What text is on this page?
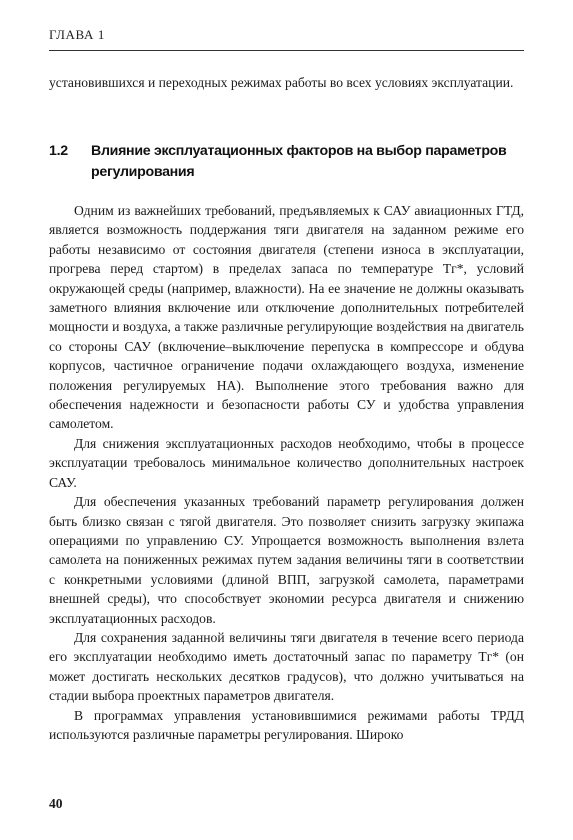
ГЛАВА 1

установившихся и переходных режимах работы во всех условиях эксплуатации.

1.2 Влияние эксплуатационных факторов на выбор параметров регулирования

Одним из важнейших требований, предъявляемых к САУ авиационных ГТД, является возможность поддержания тяги двигателя на заданном режиме его работы независимо от состояния двигателя (степени износа в эксплуатации, прогрева перед стартом) в пределах запаса по температуре Tг*, условий окружающей среды (например, влажности). На ее значение не должны оказывать заметного влияния включение или отключение дополнительных потребителей мощности и воздуха, а также различные регулирующие воздействия на двигатель со стороны САУ (включение–выключение перепуска в компрессоре и обдува корпусов, частичное ограничение подачи охлаждающего воздуха, изменение положения регулируемых НА). Выполнение этого требования важно для обеспечения надежности и безопасности работы СУ и удобства управления самолетом.

Для снижения эксплуатационных расходов необходимо, чтобы в процессе эксплуатации требовалось минимальное количество дополнительных настроек САУ.

Для обеспечения указанных требований параметр регулирования должен быть близко связан с тягой двигателя. Это позволяет снизить загрузку экипажа операциями по управлению СУ. Упрощается возможность выполнения взлета самолета на пониженных режимах путем задания величины тяги в соответствии с конкретными условиями (длиной ВПП, загрузкой самолета, параметрами внешней среды), что способствует экономии ресурса двигателя и снижению эксплуатационных расходов.

Для сохранения заданной величины тяги двигателя в течение всего периода его эксплуатации необходимо иметь достаточный запас по параметру Tг* (он может достигать нескольких десятков градусов), что должно учитываться на стадии выбора проектных параметров двигателя.

В программах управления установившимися режимами работы ТРДД используются различные параметры регулирования. Широко

40
